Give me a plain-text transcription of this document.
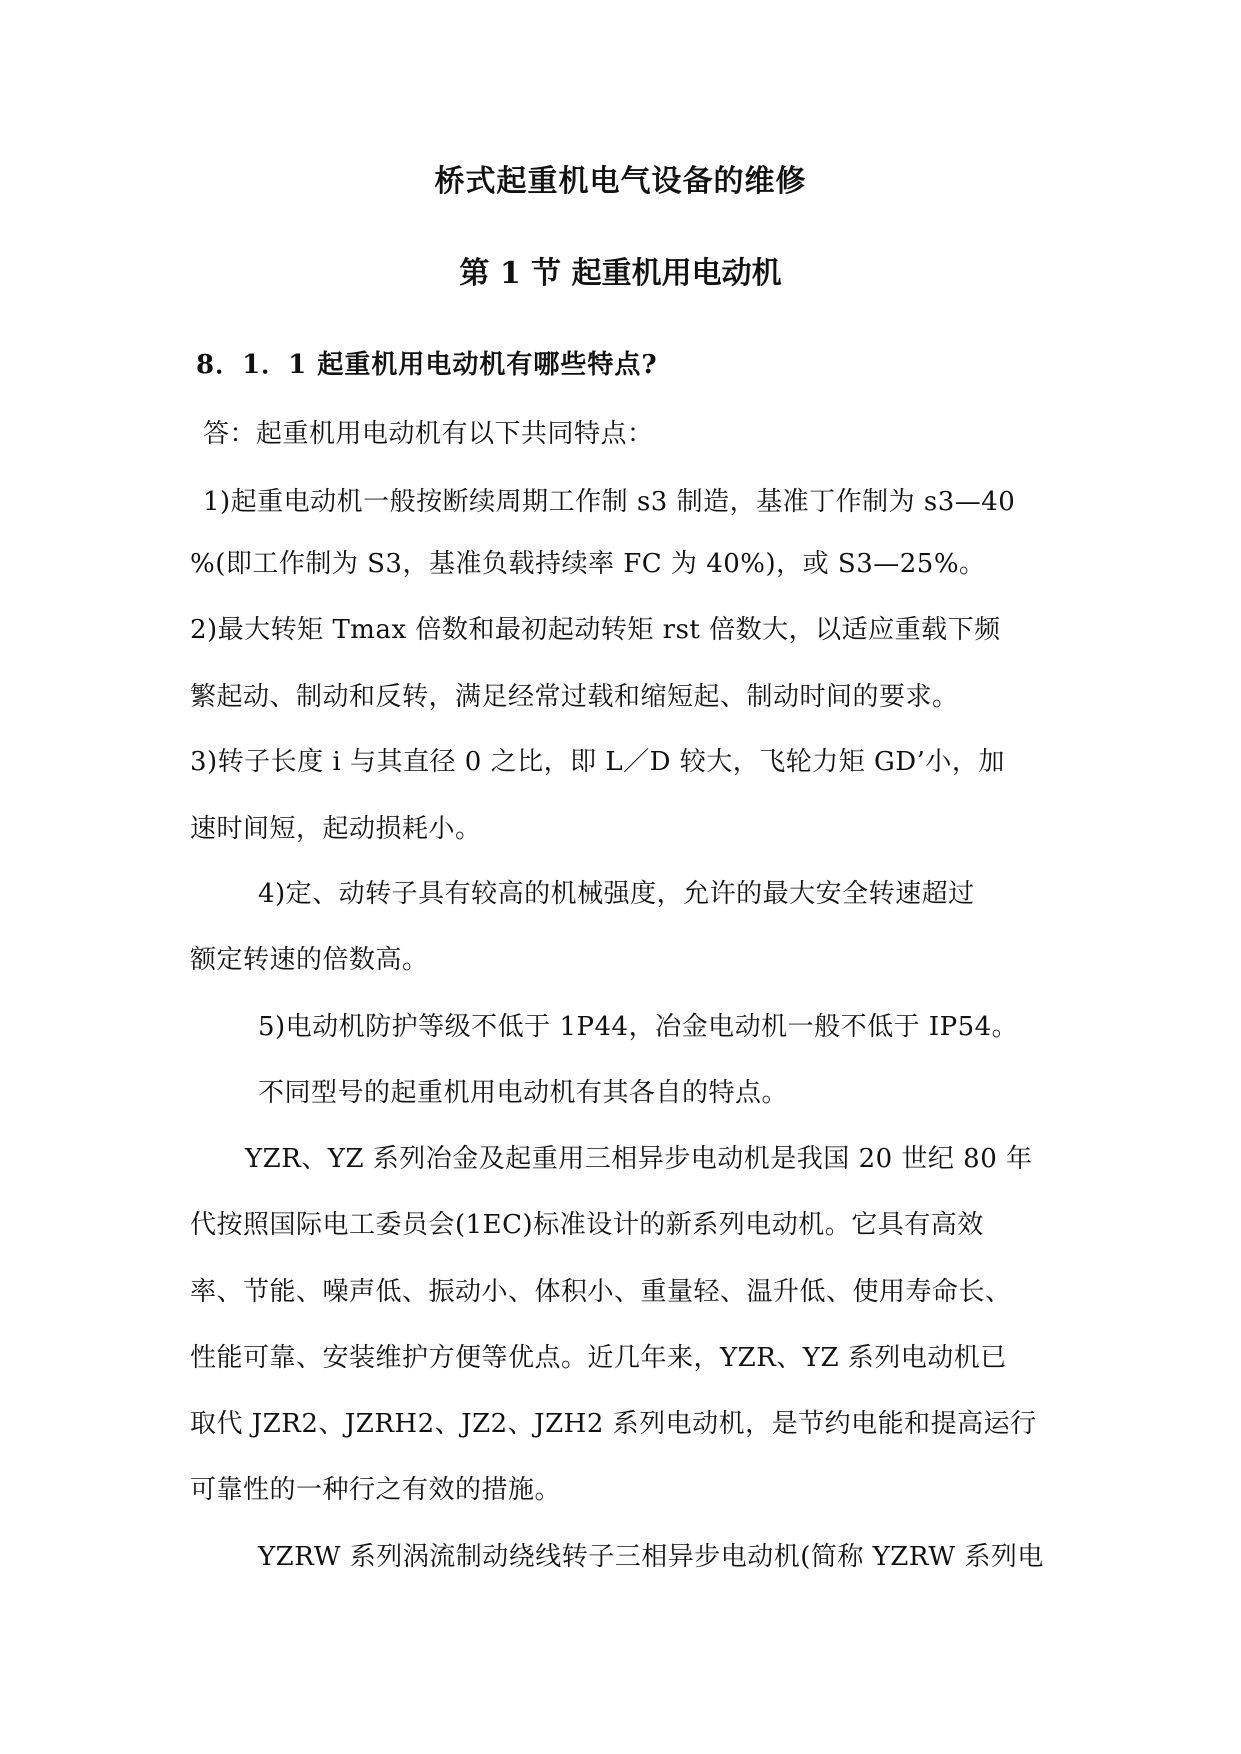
桥式起重机电气设备的维修
第 1 节 起重机用电动机
8．1．1 起重机用电动机有哪些特点?
答：起重机用电动机有以下共同特点：
1)起重电动机一般按断续周期工作制 s3 制造，基准丁作制为 s3—40
%(即工作制为 S3，基准负载持续率 FC 为 40%)，或 S3—25%。
2)最大转矩 Tmax 倍数和最初起动转矩 rst 倍数大，以适应重载下频
繁起动、制动和反转，满足经常过载和缩短起、制动时间的要求。
3)转子长度 i 与其直径 0 之比，即 L／D 较大，飞轮力矩 GD’小，加
速时间短，起动损耗小。
4)定、动转子具有较高的机械强度，允许的最大安全转速超过
额定转速的倍数高。
5)电动机防护等级不低于 1P44，冶金电动机一般不低于 IP54。
不同型号的起重机用电动机有其各自的特点。
YZR、YZ 系列冶金及起重用三相异步电动机是我国 20 世纪 80 年
代按照国际电工委员会(1EC)标准设计的新系列电动机。它具有高效
率、节能、噪声低、振动小、体积小、重量轻、温升低、使用寿命长、
性能可靠、安装维护方便等优点。近几年来，YZR、YZ 系列电动机已
取代 JZR2、JZRH2、JZ2、JZH2 系列电动机，是节约电能和提高运行
可靠性的一种行之有效的措施。
YZRW 系列涡流制动绕线转子三相异步电动机(简称 YZRW 系列电
